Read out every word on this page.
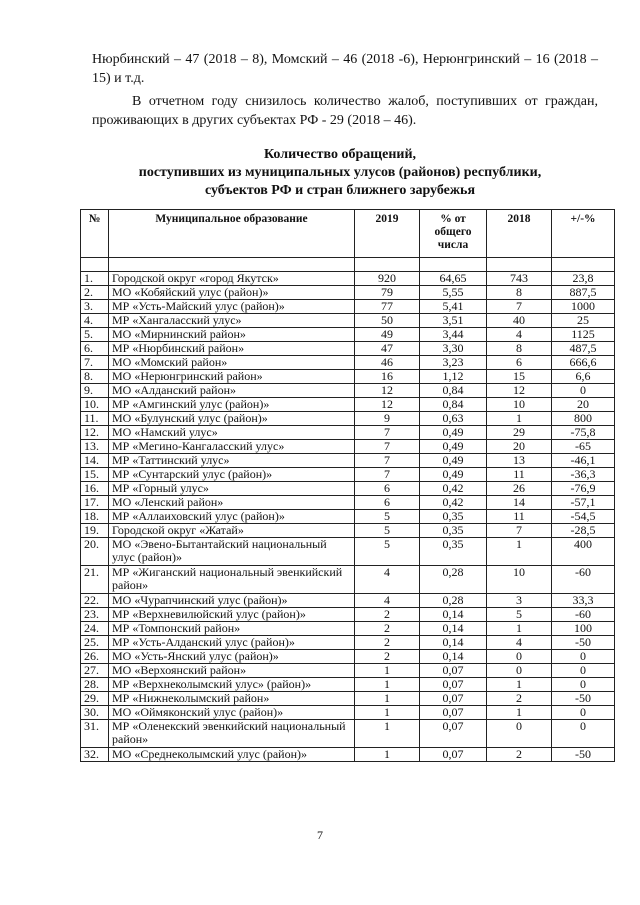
Нюрбинский – 47 (2018 – 8), Момский – 46 (2018 -6), Нерюнгринский – 16 (2018 – 15) и т.д.
В отчетном году снизилось количество жалоб, поступивших от граждан, проживающих в других субъектах РФ - 29 (2018 – 46).
Количество обращений,
поступивших из муниципальных улусов (районов) республики,
субъектов РФ и стран ближнего зарубежья
№	Муниципальное образование	2019	% от общего числа	2018	+/-%

1.	Городской округ «город Якутск»	920	64,65	743	23,8
2.	МО «Кобяйский улус (район)»	79	5,55	8	887,5
3.	МР «Усть-Майский улус (район)»	77	5,41	7	1000
4.	МР «Хангаласский улус»	50	3,51	40	25
5.	МО «Мирнинский район»	49	3,44	4	1125
6.	МР «Нюрбинский район»	47	3,30	8	487,5
7.	МО «Момский район»	46	3,23	6	666,6
8.	МО «Нерюнгринский район»	16	1,12	15	6,6
9.	МО «Алданский район»	12	0,84	12	0
10.	МР «Амгинский улус (район)»	12	0,84	10	20
11.	МО «Булунский улус (район)»	9	0,63	1	800
12.	МО «Намский улус»	7	0,49	29	-75,8
13.	МР «Мегино-Кангаласский улус»	7	0,49	20	-65
14.	МР «Таттинский улус»	7	0,49	13	-46,1
15.	МР «Сунтарский улус (район)»	7	0,49	11	-36,3
16.	МР «Горный улус»	6	0,42	26	-76,9
17.	МО «Ленский район»	6	0,42	14	-57,1
18.	МР «Аллаиховский улус (район)»	5	0,35	11	-54,5
19.	Городской округ «Жатай»	5	0,35	7	-28,5
20.	МО «Эвено-Бытантайский национальный улус (район)»	5	0,35	1	400
21.	МР «Жиганский национальный эвенкийский район»	4	0,28	10	-60
22.	МО «Чурапчинский улус (район)»	4	0,28	3	33,3
23.	МР «Верхневилюйский улус (район)»	2	0,14	5	-60
24.	МР «Томпонский район»	2	0,14	1	100
25.	МР «Усть-Алданский улус (район)»	2	0,14	4	-50
26.	МО «Усть-Янский улус (район)»	2	0,14	0	0
27.	МО «Верхоянский район»	1	0,07	0	0
28.	МР «Верхнеколымский улус» (район)»	1	0,07	1	0
29.	МР «Нижнеколымский район»	1	0,07	2	-50
30.	МО «Оймяконский улус (район)»	1	0,07	1	0
31.	МР «Оленекский эвенкийский национальный район»	1	0,07	0	0
32.	МО «Среднеколымский улус (район)»	1	0,07	2	-50
7
